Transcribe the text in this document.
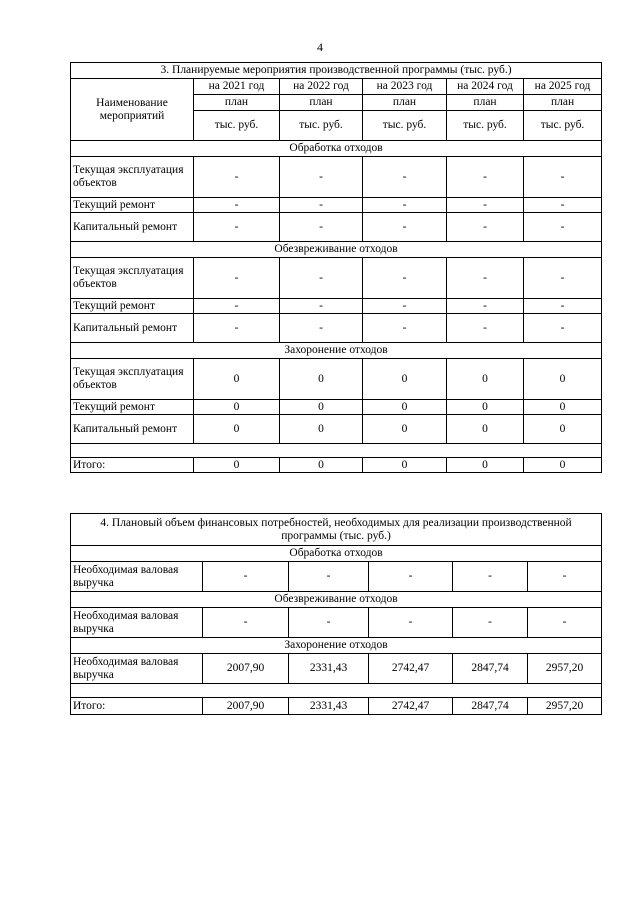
4
3. Планируемые мероприятия производственной программы (тыс. руб.)					
Наименование мероприятий	на 2021 год	на 2022 год	на 2023 год	на 2024 год	на 2025 год
	план	план	план	план	план
	тыс. руб.	тыс. руб.	тыс. руб.	тыс. руб.	тыс. руб.
Обработка отходов					
Текущая эксплуатация объектов	-	-	-	-	-
Текущий ремонт	-	-	-	-	-
Капитальный ремонт	-	-	-	-	-
Обезвреживание отходов					
Текущая эксплуатация объектов	-	-	-	-	-
Текущий ремонт	-	-	-	-	-
Капитальный ремонт	-	-	-	-	-
Захоронение отходов					
Текущая эксплуатация объектов	0	0	0	0	0
Текущий ремонт	0	0	0	0	0
Капитальный ремонт	0	0	0	0	0

Итого:	0	0	0	0	0
4. Плановый объем финансовых потребностей, необходимых для реализации производственной программы (тыс. руб.)					
Обработка отходов					
Необходимая валовая выручка	-	-	-	-	-
Обезвреживание отходов					
Необходимая валовая выручка	-	-	-	-	-
Захоронение отходов					
Необходимая валовая выручка	2007,90	2331,43	2742,47	2847,74	2957,20

Итого:	2007,90	2331,43	2742,47	2847,74	2957,20
